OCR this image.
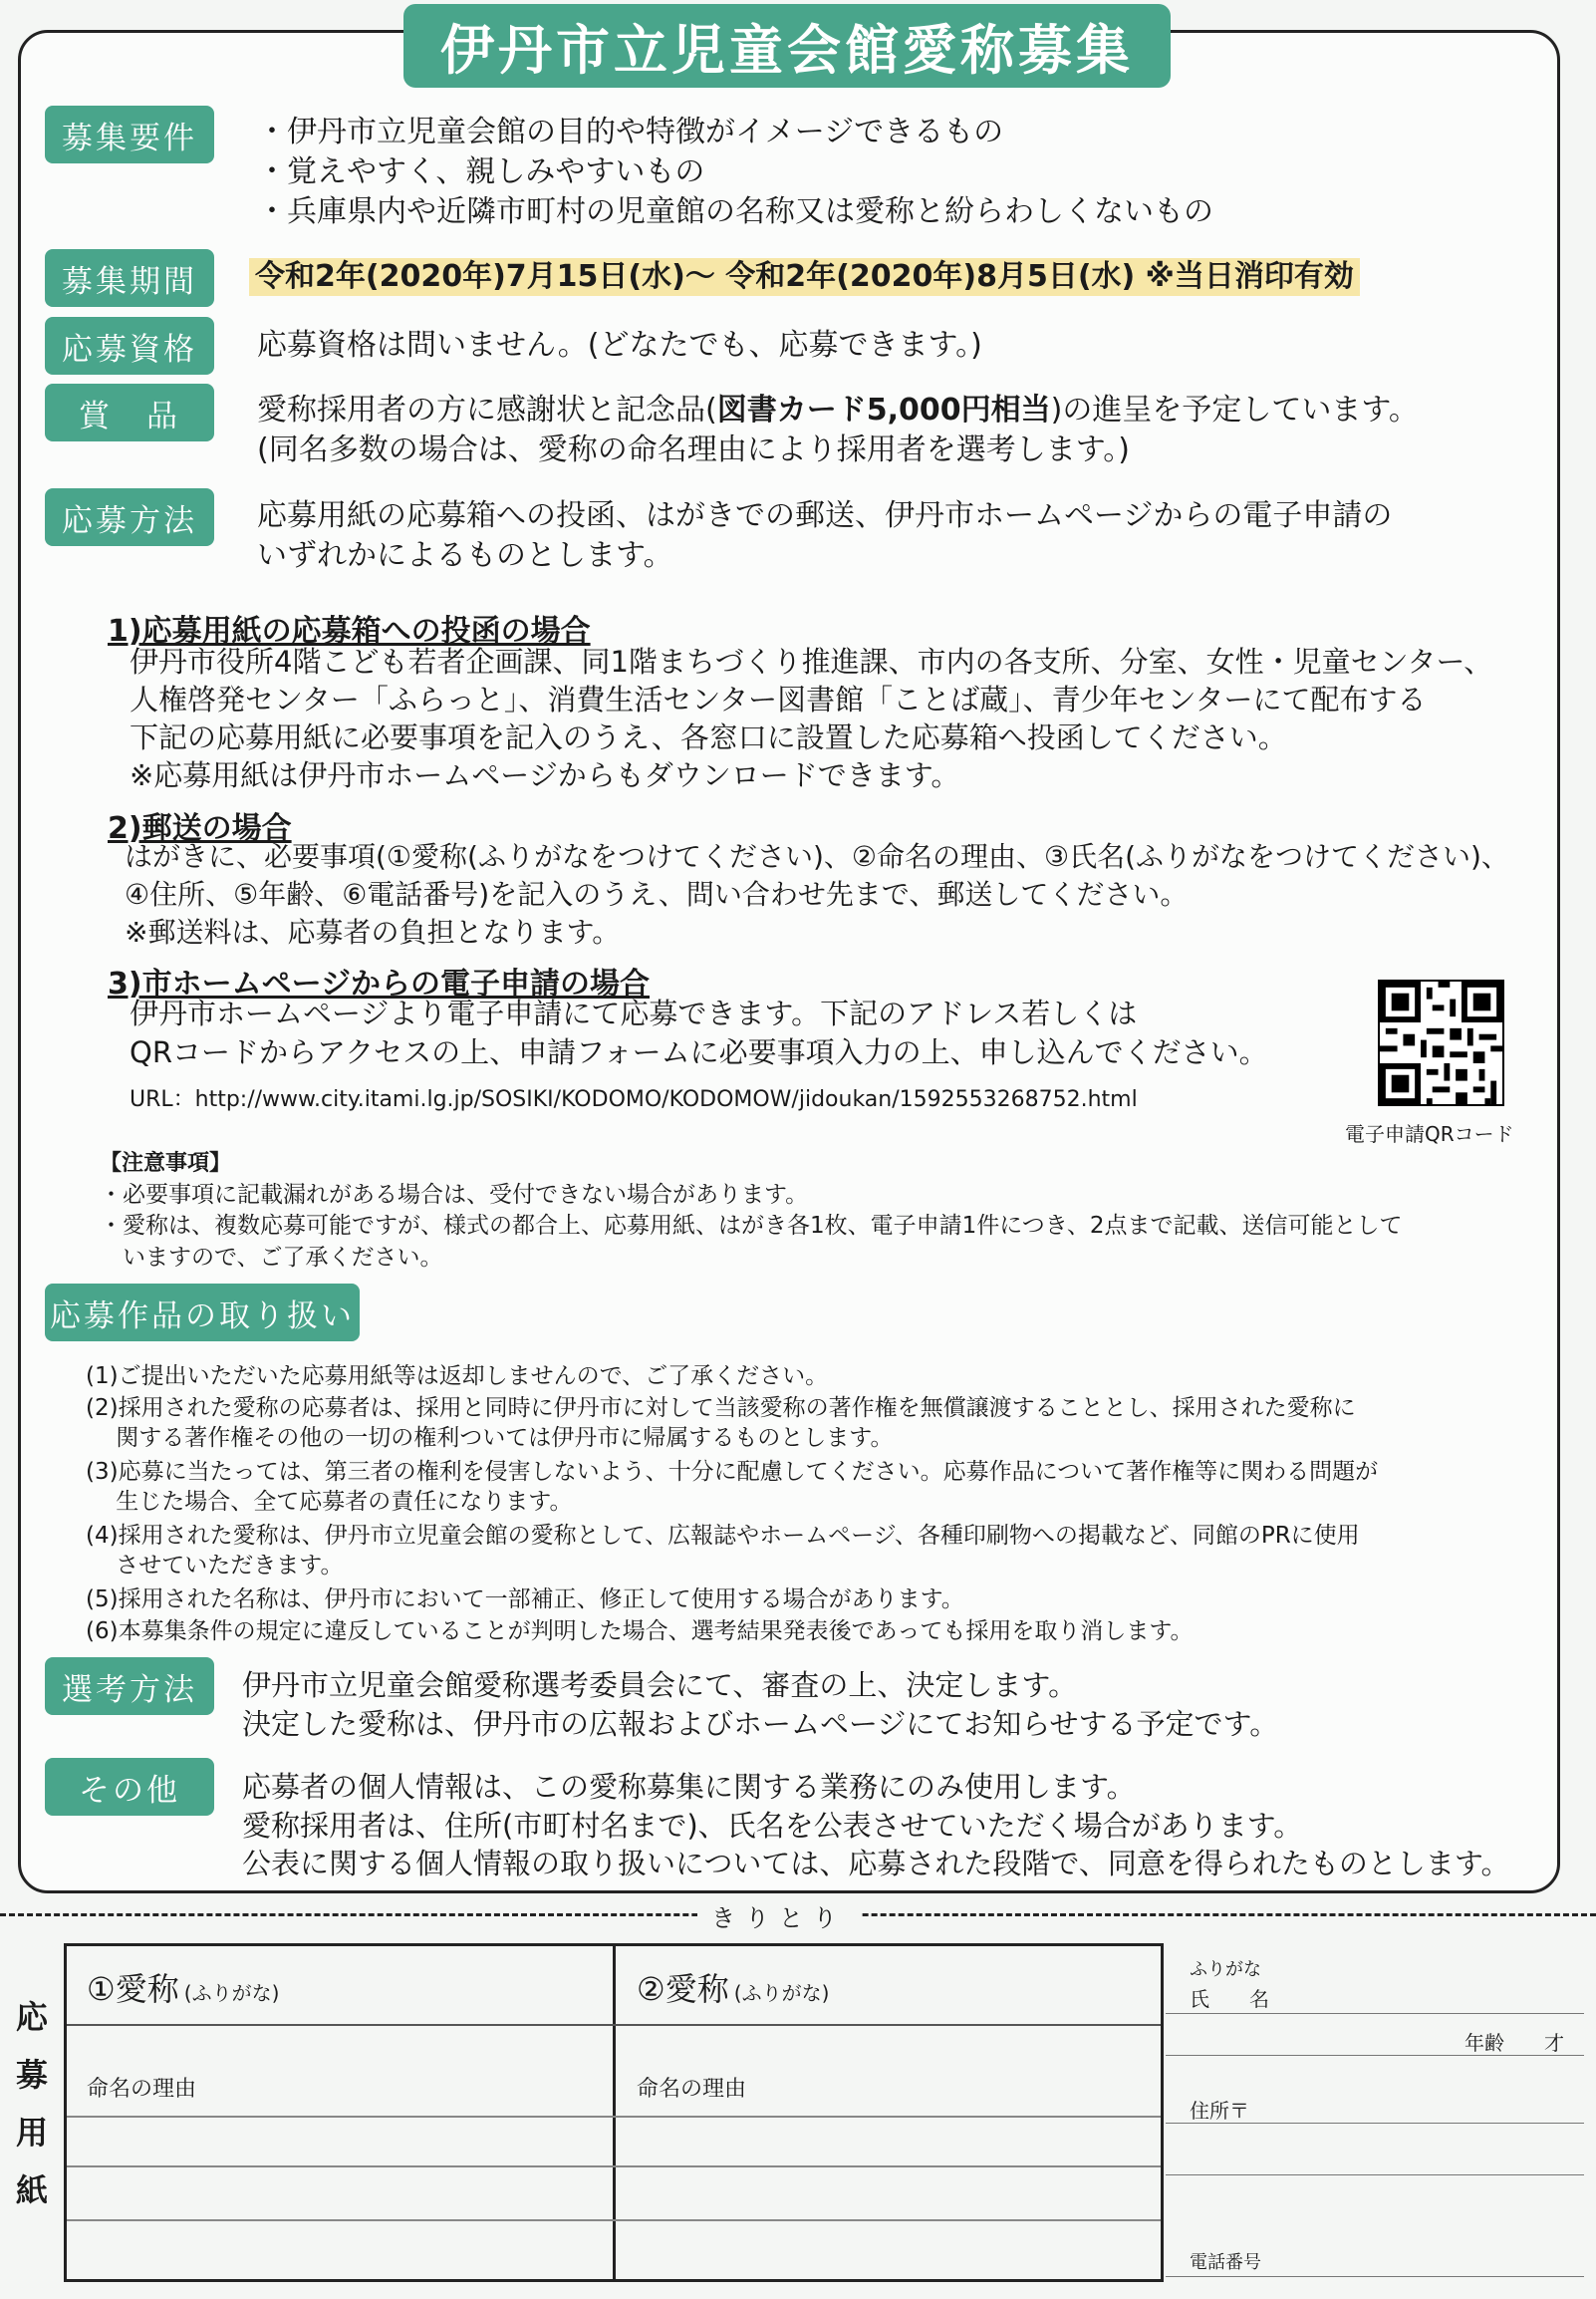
伊丹市立児童会館愛称募集
募集要件	・伊丹市立児童会館の目的や特徴がイメージできるもの
・覚えやすく、親しみやすいもの
・兵庫県内や近隣市町村の児童館の名称又は愛称と紛らわしくないもの
募集期間	令和2年(2020年)7月15日(水)～ 令和2年(2020年)8月5日(水) ※当日消印有効
応募資格	応募資格は問いません。(どなたでも、応募できます。)
賞　品	愛称採用者の方に感謝状と記念品(図書カード5,000円相当)の進呈を予定しています。
(同名多数の場合は、愛称の命名理由により採用者を選考します。)
応募方法	応募用紙の応募箱への投函、はがきでの郵送、伊丹市ホームページからの電子申請の
いずれかによるものとします。
1)応募用紙の応募箱への投函の場合
伊丹市役所4階こども若者企画課、同1階まちづくり推進課、市内の各支所、分室、女性・児童センター、
人権啓発センター「ふらっと」、消費生活センター図書館「ことば蔵」、青少年センターにて配布する
下記の応募用紙に必要事項を記入のうえ、各窓口に設置した応募箱へ投函してください。
※応募用紙は伊丹市ホームページからもダウンロードできます。
2)郵送の場合
はがきに、必要事項(①愛称(ふりがなをつけてください)、②命名の理由、③氏名(ふりがなをつけてください)、
④住所、⑤年齢、⑥電話番号)を記入のうえ、問い合わせ先まで、郵送してください。
※郵送料は、応募者の負担となります。
3)市ホームページからの電子申請の場合
伊丹市ホームページより電子申請にて応募できます。下記のアドレス若しくは
QRコードからアクセスの上、申請フォームに必要事項入力の上、申し込んでください。
URL：http://www.city.itami.lg.jp/SOSIKI/KODOMO/KODOMOW/jidoukan/1592553268752.html
電子申請QRコード
【注意事項】
・必要事項に記載漏れがある場合は、受付できない場合があります。
・愛称は、複数応募可能ですが、様式の都合上、応募用紙、はがき各1枚、電子申請1件につき、2点まで記載、送信可能として
　いますので、ご了承ください。
応募作品の取り扱い
(1)ご提出いただいた応募用紙等は返却しませんので、ご了承ください。
(2)採用された愛称の応募者は、採用と同時に伊丹市に対して当該愛称の著作権を無償譲渡することとし、採用された愛称に
　 関する著作権その他の一切の権利ついては伊丹市に帰属するものとします。
(3)応募に当たっては、第三者の権利を侵害しないよう、十分に配慮してください。応募作品について著作権等に関わる問題が
　 生じた場合、全て応募者の責任になります。
(4)採用された愛称は、伊丹市立児童会館の愛称として、広報誌やホームページ、各種印刷物への掲載など、同館のPRに使用
　 させていただきます。
(5)採用された名称は、伊丹市において一部補正、修正して使用する場合があります。
(6)本募集条件の規定に違反していることが判明した場合、選考結果発表後であっても採用を取り消します。
選考方法	伊丹市立児童会館愛称選考委員会にて、審査の上、決定します。
決定した愛称は、伊丹市の広報およびホームページにてお知らせする予定です。
その他	応募者の個人情報は、この愛称募集に関する業務にのみ使用します。
愛称採用者は、住所(市町村名まで)、氏名を公表させていただく場合があります。
公表に関する個人情報の取り扱いについては、応募された段階で、同意を得られたものとします。
きりとり
応
募
用
紙
①愛称 (ふりがな)	②愛称 (ふりがな)
命名の理由	命名の理由
ふりがな
氏　　名
年齢　　才
住所〒
電話番号
